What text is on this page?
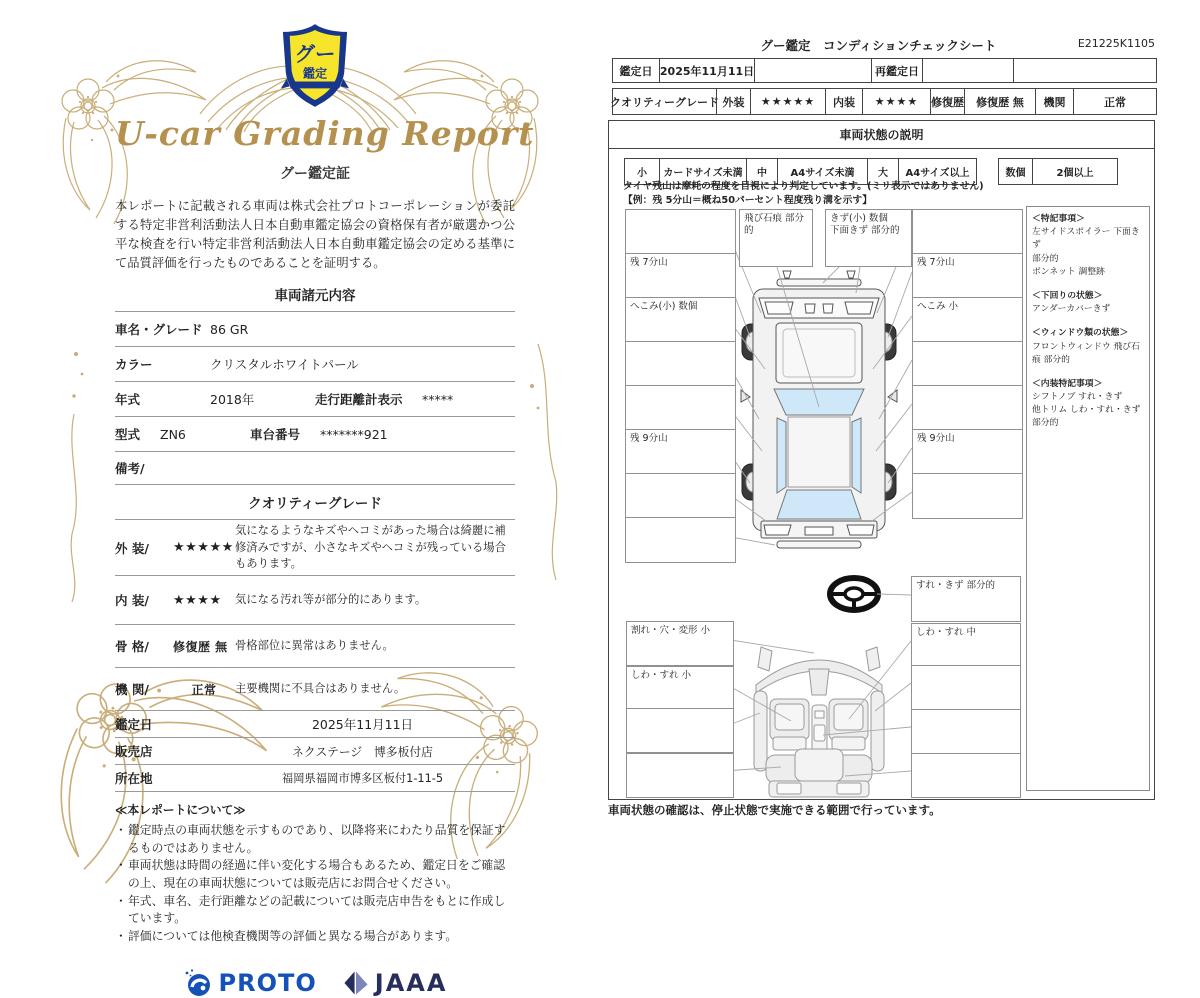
グー
鑑定
U-car Grading Report
グー鑑定証
本レポートに記載される車両は株式会社プロトコーポレーションが委託する特定非営利活動法人日本自動車鑑定協会の資格保有者が厳選かつ公平な検査を行い特定非営利活動法人日本自動車鑑定協会の定める基準にて品質評価を行ったものであることを証明する。
車両諸元内容
車名・グレード 86 GR
カラー	クリスタルホワイトパール
年式	2018年	走行距離計表示	*****
型式	ZN6	車台番号	*******921
備考/
クオリティーグレード
外 装/	★★★★★
気になるようなキズやヘコミがあった場合は綺麗に補修済みですが、小さなキズやヘコミが残っている場合もあります。
内 装/	★★★★	気になる汚れ等が部分的にあります。
骨 格/	修復歴 無 骨格部位に異常はありません。
機 関/	正常	主要機関に不具合はありません。
鑑定日	2025年11月11日
販売店	ネクステージ　博多板付店
所在地	福岡県福岡市博多区板付1-11-5
≪本レポートについて≫
・ 鑑定時点の車両状態を示すものであり、以降将来にわたり品質を保証するものではありません。
・ 車両状態は時間の経過に伴い変化する場合もあるため、鑑定日をご確認の上、現在の車両状態については販売店にお問合せください。
・ 年式、車名、走行距離などの記載については販売店申告をもとに作成しています。
・ 評価については他検査機関等の評価と異なる場合があります。
PROTO JAAA
グー鑑定　コンディションチェックシート	E21225K1105
鑑定日 2025年11月11日	再鑑定日
クオリティーグレード 外装	★★★★★	内装	★★★★	修復歴	修復歴 無	機関	正常
車両状態の説明
小	カードサイズ未満	中	A4サイズ未満	大	A4サイズ以上	数個	2個以上
タイヤ残山は摩耗の程度を目視により判定しています。(ミリ表示ではありません)
【例：残 5分山＝概ね50パーセント程度残り溝を示す】
飛び石痕 部分的
きず(小) 数個
下面きず 部分的
残 7分山
へこみ(小) 数個
残 9分山
残 7分山
へこみ 小
残 9分山
すれ・きず 部分的
割れ・穴・変形 小
しわ・すれ 小
しわ・すれ 中
＜特記事項＞
左サイドスポイラー 下面きず
部分的
ボンネット 調整跡
＜下回りの状態＞
アンダーカバーきず
＜ウィンドウ類の状態＞
フロントウィンドウ 飛び石痕 部分的
＜内装特記事項＞
シフトノブ すれ・きず
他トリム しわ・すれ・きず 部分的
車両状態の確認は、停止状態で実施できる範囲で行っています。
